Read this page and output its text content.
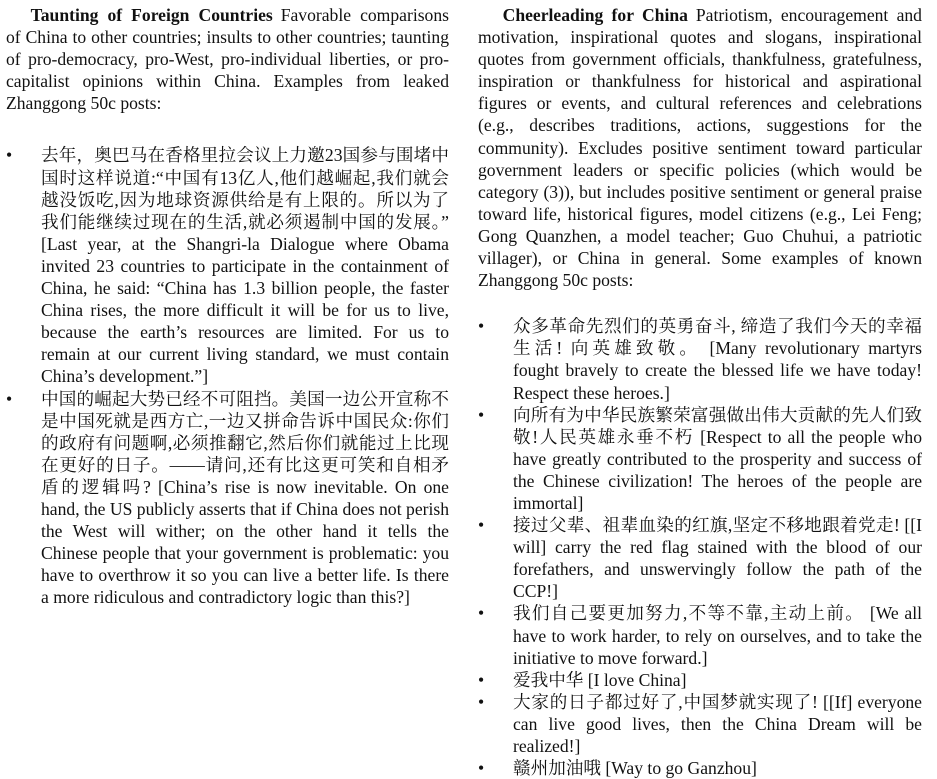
Taunting of Foreign Countries Favorable comparisons of China to other countries; insults to other countries; taunting of pro-democracy, pro-West, pro-individual liberties, or pro-capitalist opinions within China. Examples from leaked Zhanggong 50c posts:

• 去年，奥巴马在香格里拉会议上力邀23国参与围堵中国时这样说道:“中国有13亿人,他们越崛起,我们就会越没饭吃,因为地球资源供给是有上限的。所以为了我们能继续过现在的生活,就必须遏制中国的发展。” [Last year, at the Shangri-la Dialogue where Obama invited 23 countries to participate in the containment of China, he said: “China has 1.3 billion people, the faster China rises, the more difficult it will be for us to live, because the earth’s resources are limited. For us to remain at our current living standard, we must contain China’s development.”]
• 中国的崛起大势已经不可阻挡。美国一边公开宣称不是中国死就是西方亡,一边又拼命告诉中国民众:你们的政府有问题啊,必须推翻它,然后你们就能过上比现在更好的日子。——请问,还有比这更可笑和自相矛盾的逻辑吗? [China’s rise is now inevitable. On one hand, the US publicly asserts that if China does not perish the West will wither; on the other hand it tells the Chinese people that your government is problematic: you have to overthrow it so you can live a better life. Is there a more ridiculous and contradictory logic than this?]

Cheerleading for China Patriotism, encouragement and motivation, inspirational quotes and slogans, inspirational quotes from government officials, thankfulness, gratefulness, inspiration or thankfulness for historical and aspirational figures or events, and cultural references and celebrations (e.g., describes traditions, actions, suggestions for the community). Excludes positive sentiment toward particular government leaders or specific policies (which would be category (3)), but includes positive sentiment or general praise toward life, historical figures, model citizens (e.g., Lei Feng; Gong Quanzhen, a model teacher; Guo Chuhui, a patriotic villager), or China in general. Some examples of known Zhanggong 50c posts:

• 众多革命先烈们的英勇奋斗, 缔造了我们今天的幸福生活! 向英雄致敬。 [Many revolutionary martyrs fought bravely to create the blessed life we have today! Respect these heroes.]
• 向所有为中华民族繁荣富强做出伟大贡献的先人们致敬!人民英雄永垂不朽 [Respect to all the people who have greatly contributed to the prosperity and success of the Chinese civilization! The heroes of the people are immortal]
• 接过父辈、祖辈血染的红旗,坚定不移地跟着党走! [[I will] carry the red flag stained with the blood of our forefathers, and unswervingly follow the path of the CCP!]
• 我们自己要更加努力,不等不靠,主动上前。 [We all have to work harder, to rely on ourselves, and to take the initiative to move forward.]
• 爱我中华 [I love China]
• 大家的日子都过好了,中国梦就实现了! [[If] everyone can live good lives, then the China Dream will be realized!]
• 赣州加油哦 [Way to go Ganzhou]
